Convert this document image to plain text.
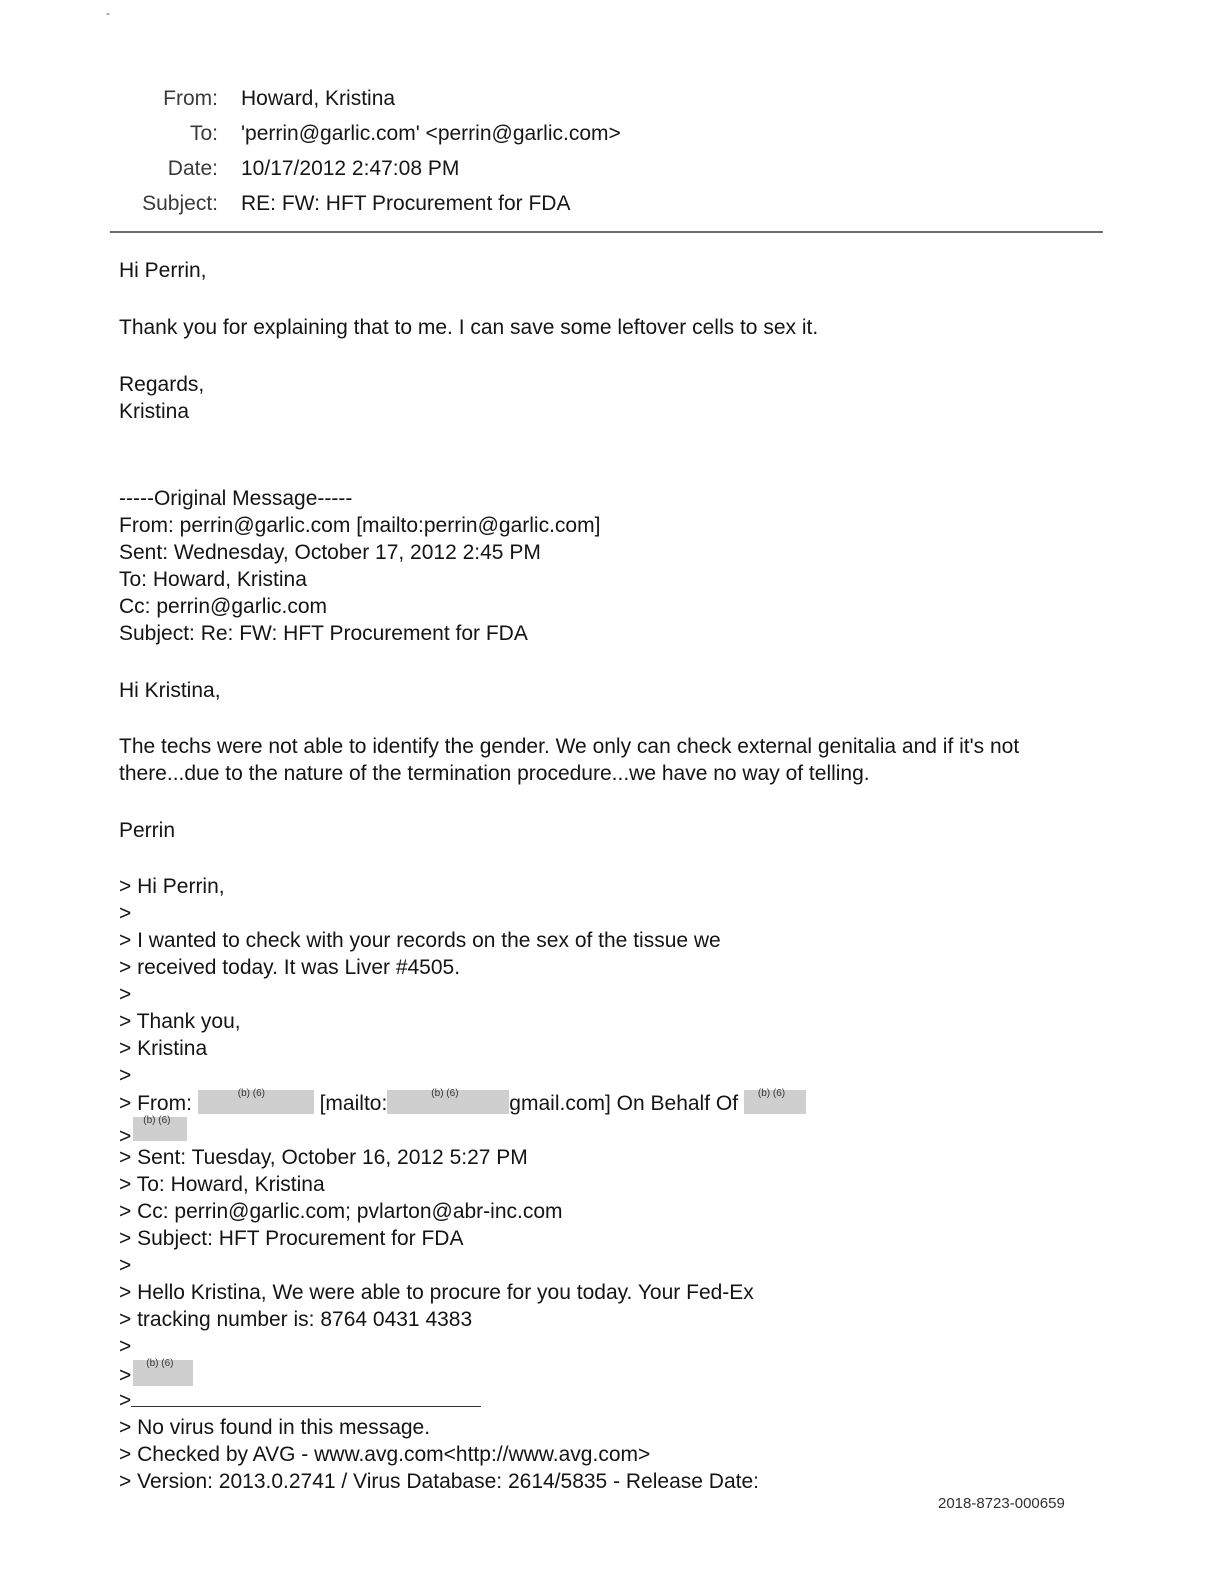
-
From: Howard, Kristina
To: 'perrin@garlic.com' <perrin@garlic.com>
Date: 10/17/2012 2:47:08 PM
Subject: RE: FW: HFT Procurement for FDA
Hi Perrin,
Thank you for explaining that to me. I can save some leftover cells to sex it.
Regards,
Kristina
-----Original Message-----
From: perrin@garlic.com [mailto:perrin@garlic.com]
Sent: Wednesday, October 17, 2012 2:45 PM
To: Howard, Kristina
Cc: perrin@garlic.com
Subject: Re: FW: HFT Procurement for FDA
Hi Kristina,
The techs were not able to identify the gender. We only can check external genitalia and if it's not
there...due to the nature of the termination procedure...we have no way of telling.
Perrin
> Hi Perrin,
>
> I wanted to check with your records on the sex of the tissue we
> received today. It was Liver #4505.
>
> Thank you,
> Kristina
>
> From:	(b) (6) [mailto:	(b) (6) gmail.com] On Behalf Of (b) (6)
>
(b) (6)
> Sent: Tuesday, October 16, 2012 5:27 PM
> To: Howard, Kristina
> Cc: perrin@garlic.com; pvlarton@abr-inc.com
> Subject: HFT Procurement for FDA
>
> Hello Kristina, We were able to procure for you today. Your Fed-Ex
> tracking number is: 8764 0431 4383
>
>
(b) (6)
>
> No virus found in this message.
> Checked by AVG - www.avg.com<http://www.avg.com>
> Version: 2013.0.2741 / Virus Database: 2614/5835 - Release Date:
2018-8723-000659
